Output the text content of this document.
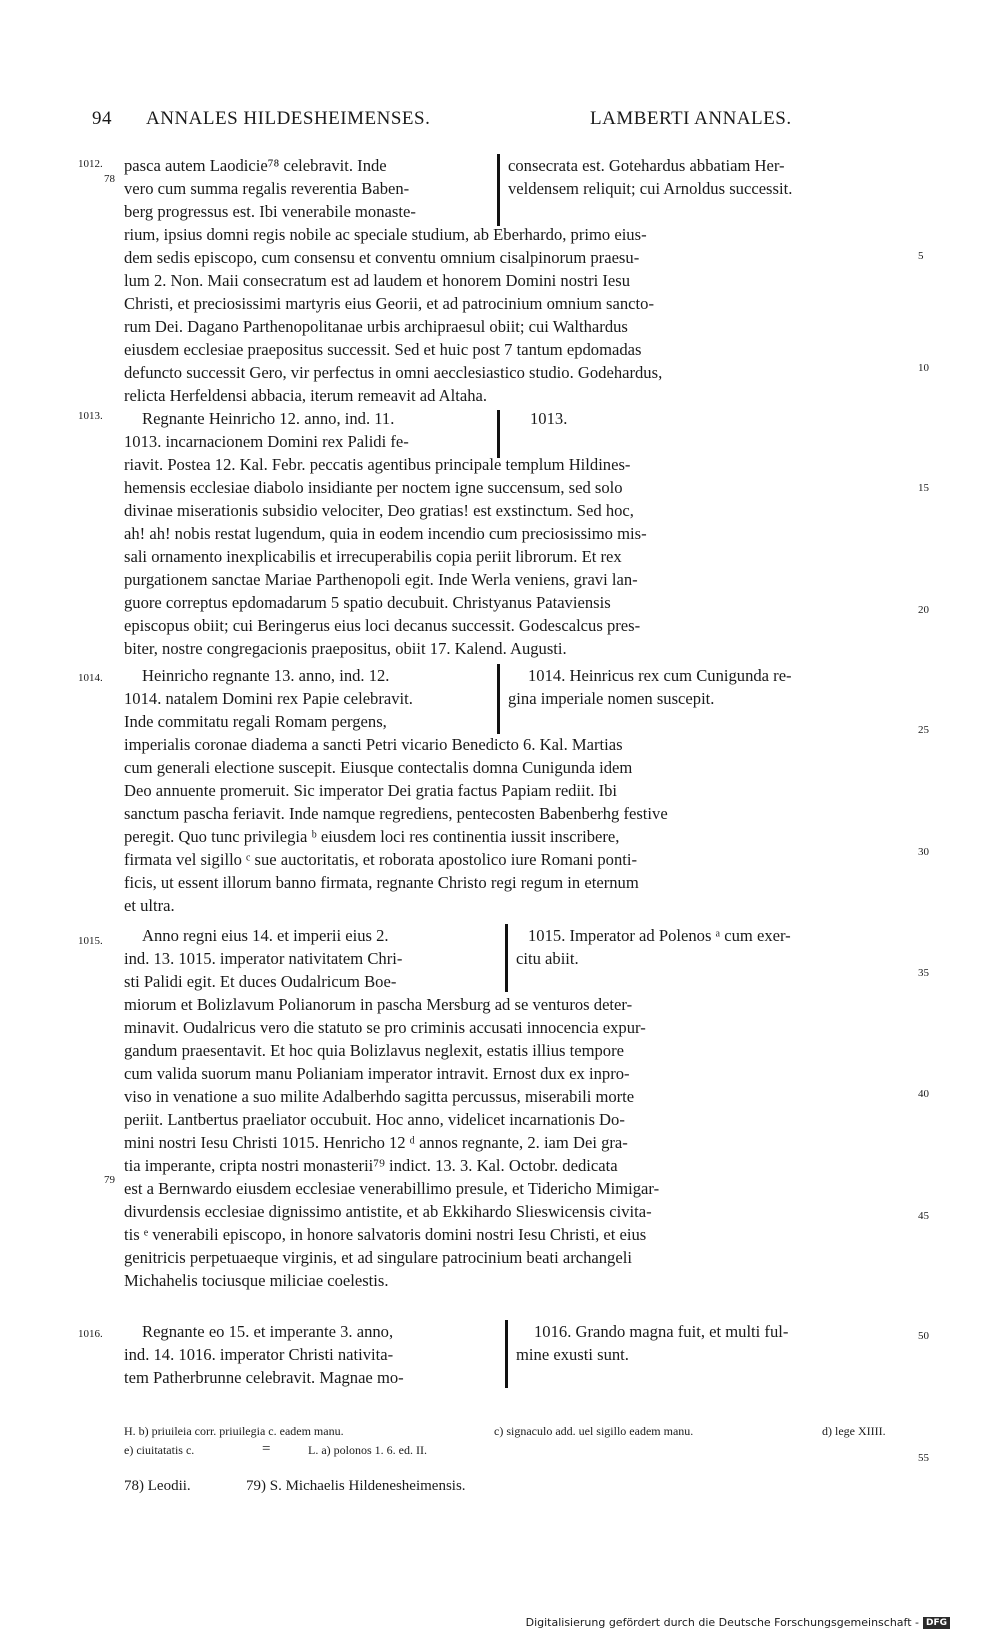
94 ANNALES HILDESHEIMENSES.	LAMBERTI ANNALES.
1012.
78
1013.
1014.
1015.
79
1016.
5
10
15
20
25
30
35
40
45
50
55
pasca autem Laodicie⁷⁸ celebravit. Inde
vero cum summa regalis reverentia Baben-
berg progressus est. Ibi venerabile monaste-
rium, ipsius domni regis nobile ac speciale studium, ab Eberhardo, primo eius-
dem sedis episcopo, cum consensu et conventu omnium cisalpinorum praesu-
lum 2. Non. Maii consecratum est ad laudem et honorem Domini nostri Iesu
Christi, et preciosissimi martyris eius Georii, et ad patrocinium omnium sancto-
rum Dei. Dagano Parthenopolitanae urbis archipraesul obiit; cui Walthardus
eiusdem ecclesiae praepositus successit. Sed et huic post 7 tantum epdomadas
defuncto successit Gero, vir perfectus in omni aecclesiastico studio. Godehardus,
relicta Herfeldensi abbacia, iterum remeavit ad Altaha.
Regnante Heinricho 12. anno, ind. 11.
1013. incarnacionem Domini rex Palidi fe-
riavit. Postea 12. Kal. Febr. peccatis agentibus principale templum Hildines-
hemensis ecclesiae diabolo insidiante per noctem igne succensum, sed solo
divinae miserationis subsidio velociter, Deo gratias! est exstinctum. Sed hoc,
ah! ah! nobis restat lugendum, quia in eodem incendio cum preciosissimo mis-
sali ornamento inexplicabilis et irrecuperabilis copia periit librorum. Et rex
purgationem sanctae Mariae Parthenopoli egit. Inde Werla veniens, gravi lan-
guore correptus epdomadarum 5 spatio decubuit. Christyanus Pataviensis
episcopus obiit; cui Beringerus eius loci decanus successit. Godescalcus pres-
biter, nostre congregacionis praepositus, obiit 17. Kalend. Augusti.
Heinricho regnante 13. anno, ind. 12.
1014. natalem Domini rex Papie celebravit.
Inde commitatu regali Romam pergens,
imperialis coronae diadema a sancti Petri vicario Benedicto 6. Kal. Martias
cum generali electione suscepit. Eiusque contectalis domna Cunigunda idem
Deo annuente promeruit. Sic imperator Dei gratia factus Papiam rediit. Ibi
sanctum pascha feriavit. Inde namque regrediens, pentecosten Babenberhg festive
peregit. Quo tunc privilegia ᵇ eiusdem loci res continentia iussit inscribere,
firmata vel sigillo ᶜ sue auctoritatis, et roborata apostolico iure Romani ponti-
ficis, ut essent illorum banno firmata, regnante Christo regi regum in eternum
et ultra.
Anno regni eius 14. et imperii eius 2.
ind. 13. 1015. imperator nativitatem Chri-
sti Palidi egit. Et duces Oudalricum Boe-
miorum et Bolizlavum Polianorum in pascha Mersburg ad se venturos deter-
minavit. Oudalricus vero die statuto se pro criminis accusati innocencia expur-
gandum praesentavit. Et hoc quia Bolizlavus neglexit, estatis illius tempore
cum valida suorum manu Polianiam imperator intravit. Ernost dux ex inpro-
viso in venatione a suo milite Adalberhdo sagitta percussus, miserabili morte
periit. Lantbertus praeliator occubuit. Hoc anno, videlicet incarnationis Do-
mini nostri Iesu Christi 1015. Henricho 12 ᵈ annos regnante, 2. iam Dei gra-
tia imperante, cripta nostri monasterii⁷⁹ indict. 13. 3. Kal. Octobr. dedicata
est a Bernwardo eiusdem ecclesiae venerabillimo presule, et Tidericho Mimigar-
divurdensis ecclesiae dignissimo antistite, et ab Ekkihardo Slieswicensis civita-
tis ᵉ venerabili episcopo, in honore salvatoris domini nostri Iesu Christi, et eius
genitricis perpetuaeque virginis, et ad singulare patrocinium beati archangeli
Michahelis tociusque miliciae coelestis.
Regnante eo 15. et imperante 3. anno,
ind. 14. 1016. imperator Christi nativita-
tem Patherbrunne celebravit. Magnae mo-
consecrata est. Gotehardus abbatiam Her-
veldensem reliquit; cui Arnoldus successit.
1013.
1014. Heinricus rex cum Cunigunda re-
gina imperiale nomen suscepit.
1015. Imperator ad Polenos ᵃ cum exer-
citu abiit.
1016. Grando magna fuit, et multi ful-
mine exusti sunt.
H. b) priuileia corr. priuilegia c. eadem manu.	c) signaculo add. uel sigillo eadem manu.	d) lege XIIII.
e) ciuitatatis c.	=	L. a) polonos 1. 6. ed. II.
78) Leodii.	79) S. Michaelis Hildenesheimensis.
Digitalisierung gefördert durch die Deutsche Forschungsgemeinschaft - DFG
